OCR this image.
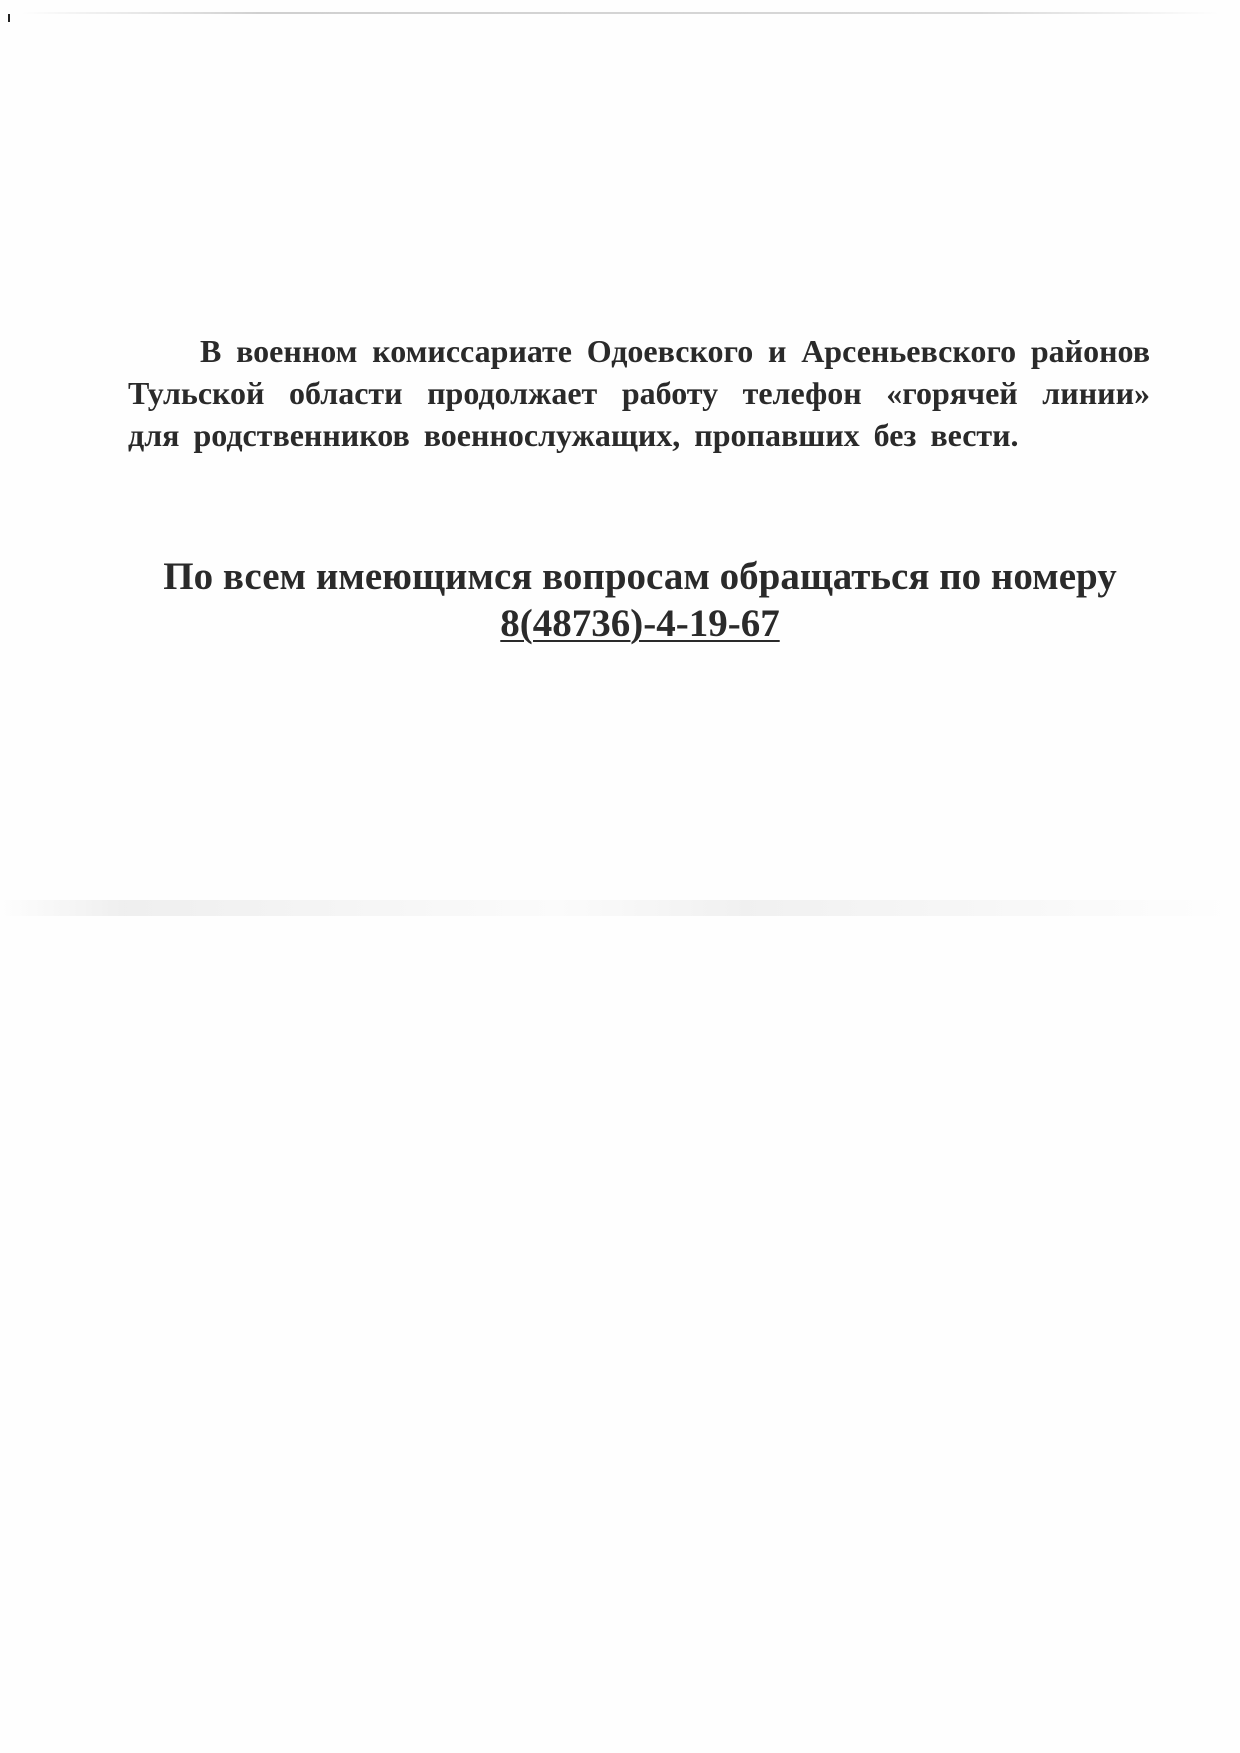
В военном комиссариате Одоевского и Арсеньевского районов Тульской области продолжает работу телефон «горячей линии» для родственников военнослужащих, пропавших без вести.

По всем имеющимся вопросам обращаться по номеру

8(48736)-4-19-67
